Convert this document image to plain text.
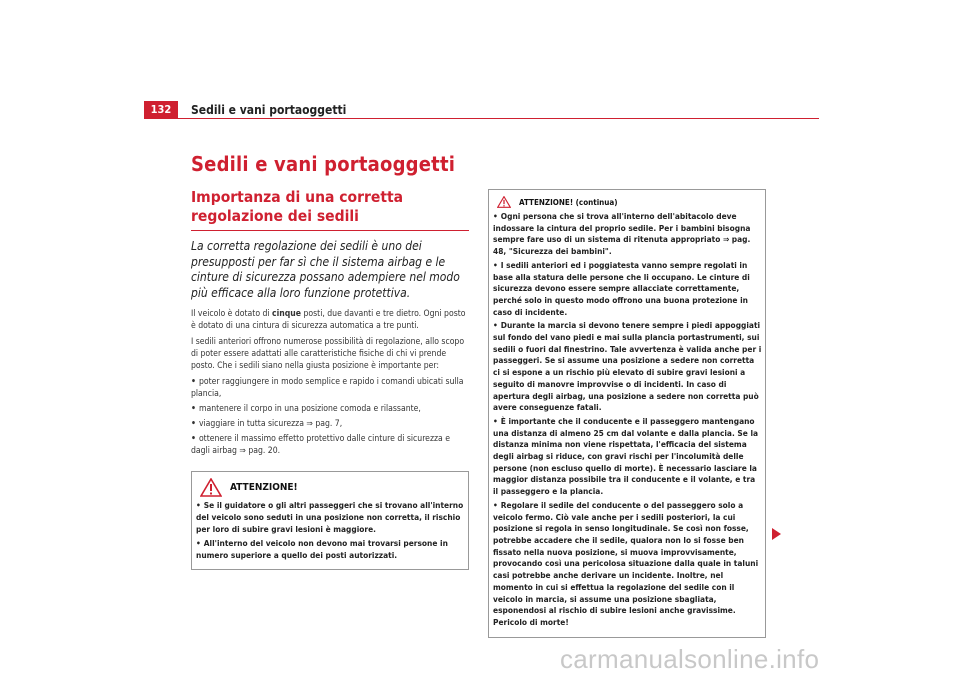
132	Sedili e vani portaoggetti
Sedili e vani portaoggetti
Importanza di una corretta regolazione dei sedili

La corretta regolazione dei sedili è uno dei presupposti per far sì che il sistema airbag e le cinture di sicurezza possano adempiere nel modo più efficace alla loro funzione protettiva.

Il veicolo è dotato di cinque posti, due davanti e tre dietro. Ogni posto è dotato di una cintura di sicurezza automatica a tre punti.

I sedili anteriori offrono numerose possibilità di regolazione, allo scopo di poter essere adattati alle caratteristiche fisiche di chi vi prende posto. Che i sedili siano nella giusta posizione è importante per:

• poter raggiungere in modo semplice e rapido i comandi ubicati sulla plancia,
• mantenere il corpo in una posizione comoda e rilassante,
• viaggiare in tutta sicurezza ⇒ pag. 7,
• ottenere il massimo effetto protettivo dalle cinture di sicurezza e dagli airbag ⇒ pag. 20.
ATTENZIONE!
• Se il guidatore o gli altri passeggeri che si trovano all'interno del veicolo sono seduti in una posizione non corretta, il rischio per loro di subire gravi lesioni è maggiore.
• All'interno del veicolo non devono mai trovarsi persone in numero superiore a quello dei posti autorizzati.
ATTENZIONE! (continua)
• Ogni persona che si trova all'interno dell'abitacolo deve indossare la cintura del proprio sedile. Per i bambini bisogna sempre fare uso di un sistema di ritenuta appropriato ⇒ pag. 48, "Sicurezza dei bambini".
• I sedili anteriori ed i poggiatesta vanno sempre regolati in base alla statura delle persone che li occupano. Le cinture di sicurezza devono essere sempre allacciate correttamente, perché solo in questo modo offrono una buona protezione in caso di incidente.
• Durante la marcia si devono tenere sempre i piedi appoggiati sul fondo del vano piedi e mai sulla plancia portastrumenti, sui sedili o fuori dal finestrino. Tale avvertenza è valida anche per i passeggeri. Se si assume una posizione a sedere non corretta ci si espone a un rischio più elevato di subire gravi lesioni a seguito di manovre improvvise o di incidenti. In caso di apertura degli airbag, una posizione a sedere non corretta può avere conseguenze fatali.
• È importante che il conducente e il passeggero mantengano una distanza di almeno 25 cm dal volante e dalla plancia. Se la distanza minima non viene rispettata, l'efficacia del sistema degli airbag si riduce, con gravi rischi per l'incolumità delle persone (non escluso quello di morte). È necessario lasciare la maggior distanza possibile tra il conducente e il volante, e tra il passeggero e la plancia.
• Regolare il sedile del conducente o del passeggero solo a veicolo fermo. Ciò vale anche per i sedili posteriori, la cui posizione si regola in senso longitudinale. Se così non fosse, potrebbe accadere che il sedile, qualora non lo si fosse ben fissato nella nuova posizione, si muova improvvisamente, provocando così una pericolosa situazione dalla quale in taluni casi potrebbe anche derivare un incidente. Inoltre, nel momento in cui si effettua la regolazione del sedile con il veicolo in marcia, si assume una posizione sbagliata, esponendosi al rischio di subire lesioni anche gravissime. Pericolo di morte!
carmanualsonline.info
